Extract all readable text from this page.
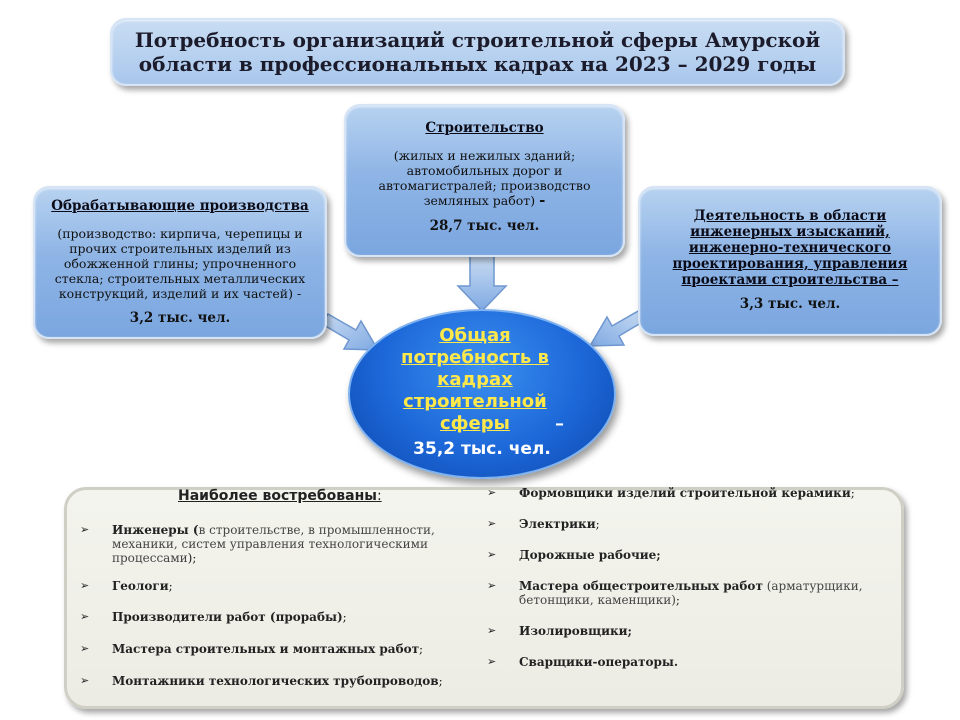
Потребность организаций строительной сферы Амурской
области в профессиональных кадрах на 2023 – 2029 годы
Строительство
(жилых и нежилых зданий; автомобильных дорог и автомагистралей; производство земляных работ) -
28,7 тыс. чел.
Обрабатывающие производства
(производство: кирпича, черепицы и прочих строительных изделий из обожженной глины; упрочненного стекла; строительных металлических конструкций, изделий и их частей) -
3,2 тыс. чел.
Деятельность в области инженерных изысканий, инженерно-технического проектирования, управления проектами строительства –
3,3 тыс. чел.
Общая потребность в кадрах строительной сферы	–
35,2 тыс. чел.
Наиболее востребованы:
➢ Инженеры (в строительстве, в промышленности, механики, систем управления технологическими процессами);
➢ Геологи;
➢ Производители работ (прорабы);
➢ Мастера строительных и монтажных работ;
➢ Монтажники технологических трубопроводов;
➢ Формовщики изделий строительной керамики;
➢ Электрики;
➢ Дорожные рабочие;
➢ Мастера общестроительных работ (арматурщики, бетонщики, каменщики);
➢ Изолировщики;
➢ Сварщики-операторы.
